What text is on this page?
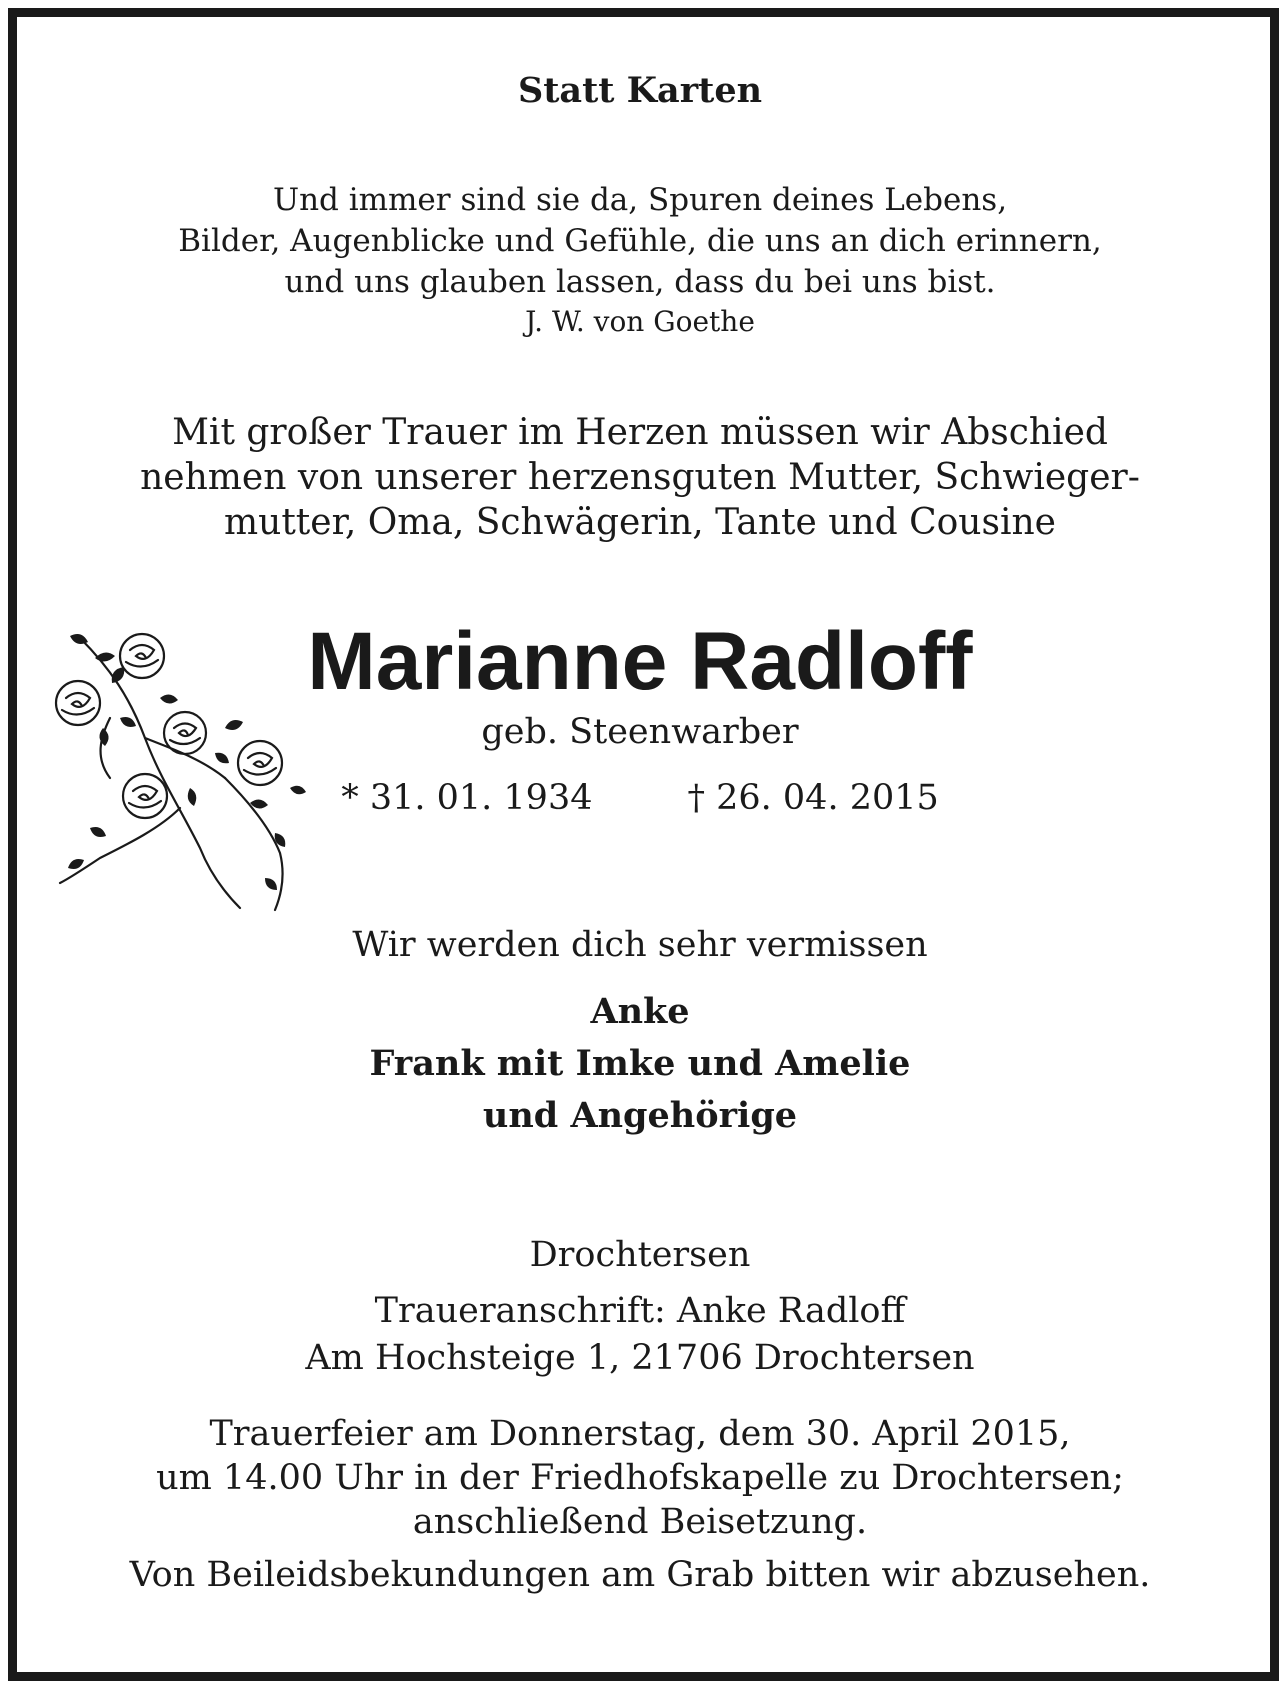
Statt Karten
Und immer sind sie da, Spuren deines Lebens,
Bilder, Augenblicke und Gefühle, die uns an dich erinnern,
und uns glauben lassen, dass du bei uns bist.
J. W. von Goethe
Mit großer Trauer im Herzen müssen wir Abschied
nehmen von unserer herzensguten Mutter, Schwieger-
mutter, Oma, Schwägerin, Tante und Cousine
Marianne Radloff
geb. Steenwarber
* 31. 01. 1934	† 26. 04. 2015
Wir werden dich sehr vermissen
Anke
Frank mit Imke und Amelie
und Angehörige
Drochtersen
Traueranschrift: Anke Radloff
Am Hochsteige 1, 21706 Drochtersen
Trauerfeier am Donnerstag, dem 30. April 2015,
um 14.00 Uhr in der Friedhofskapelle zu Drochtersen;
anschließend Beisetzung.
Von Beileidsbekundungen am Grab bitten wir abzusehen.
